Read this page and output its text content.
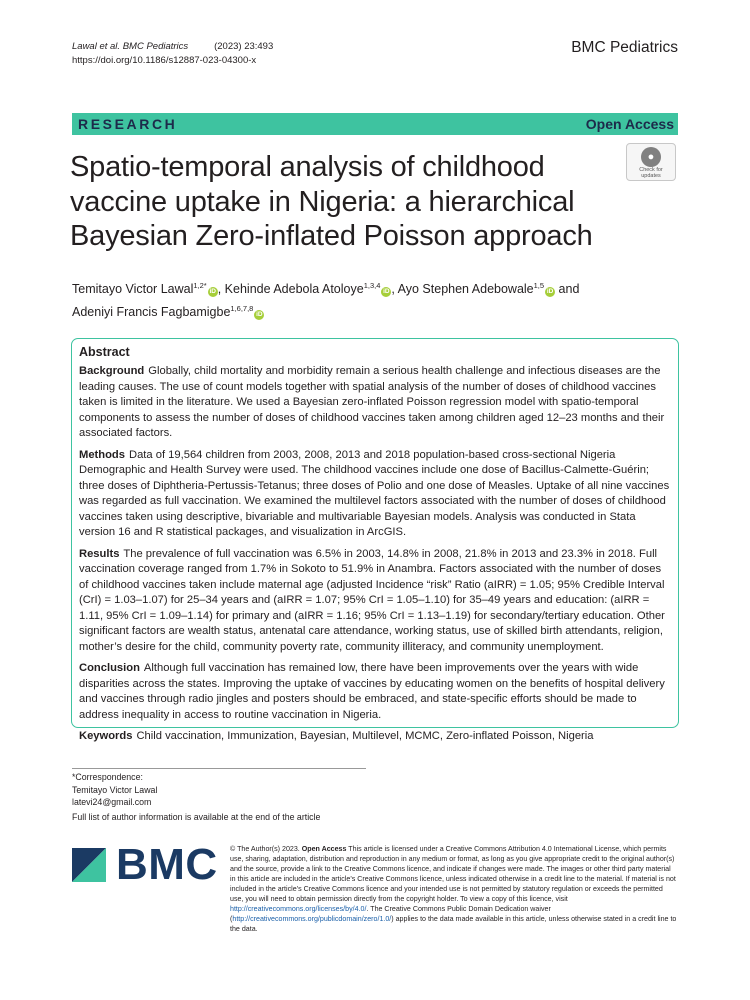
Lawal et al. BMC Pediatrics	(2023) 23:493
https://doi.org/10.1186/s12887-023-04300-x
BMC Pediatrics
RESEARCH	Open Access
Spatio-temporal analysis of childhood vaccine uptake in Nigeria: a hierarchical Bayesian Zero-inflated Poisson approach
●
Check for
updates
Temitayo Victor Lawal$^{1,2*}$iD , Kehinde Adebola Atoloye$^{1,3,4}$iD , Ayo Stephen Adebowale$^{1,5}$iD and
Adeniyi Francis Fagbamigbe$^{1,6,7,8}$iD
Abstract

Background Globally, child mortality and morbidity remain a serious health challenge and infectious diseases are the leading causes. The use of count models together with spatial analysis of the number of doses of childhood vaccines taken is limited in the literature. We used a Bayesian zero-inflated Poisson regression model with spatio-temporal components to assess the number of doses of childhood vaccines taken among children aged 12–23 months and their associated factors.

Methods Data of 19,564 children from 2003, 2008, 2013 and 2018 population-based cross-sectional Nigeria Demographic and Health Survey were used. The childhood vaccines include one dose of Bacillus-Calmette-Guérin; three doses of Diphtheria-Pertussis-Tetanus; three doses of Polio and one dose of Measles. Uptake of all nine vaccines was regarded as full vaccination. We examined the multilevel factors associated with the number of doses of childhood vaccines taken using descriptive, bivariable and multivariable Bayesian models. Analysis was conducted in Stata version 16 and R statistical packages, and visualization in ArcGIS.

Results The prevalence of full vaccination was 6.5% in 2003, 14.8% in 2008, 21.8% in 2013 and 23.3% in 2018. Full vaccination coverage ranged from 1.7% in Sokoto to 51.9% in Anambra. Factors associated with the number of doses of childhood vaccines taken include maternal age (adjusted Incidence “risk” Ratio (aIRR) = 1.05; 95% Credible Interval (CrI) = 1.03–1.07) for 25–34 years and (aIRR = 1.07; 95% CrI = 1.05–1.10) for 35–49 years and education: (aIRR = 1.11, 95% CrI = 1.09–1.14) for primary and (aIRR = 1.16; 95% CrI = 1.13–1.19) for secondary/tertiary education. Other significant factors are wealth status, antenatal care attendance, working status, use of skilled birth attendants, religion, mother’s desire for the child, community poverty rate, community illiteracy, and community unemployment.

Conclusion Although full vaccination has remained low, there have been improvements over the years with wide disparities across the states. Improving the uptake of vaccines by educating women on the benefits of hospital delivery and vaccines through radio jingles and posters should be embraced, and state-specific efforts should be made to address inequality in access to routine vaccination in Nigeria.

Keywords Child vaccination, Immunization, Bayesian, Multilevel, MCMC, Zero-inflated Poisson, Nigeria

*Correspondence:
Temitayo Victor Lawal
latevi24@gmail.com
Full list of author information is available at the end of the article
BMC © The Author(s) 2023. Open Access This article is licensed under a Creative Commons Attribution 4.0 International License, which permits use, sharing, adaptation, distribution and reproduction in any medium or format, as long as you give appropriate credit to the original author(s) and the source, provide a link to the Creative Commons licence, and indicate if changes were made. The images or other third party material in this article are included in the article’s Creative Commons licence, unless indicated otherwise in a credit line to the material. If material is not included in the article’s Creative Commons licence and your intended use is not permitted by statutory regulation or exceeds the permitted use, you will need to obtain permission directly from the copyright holder. To view a copy of this licence, visit http://creativecommons.org/licenses/by/4.0/. The Creative Commons Public Domain Dedication waiver (http://creativecommons.org/publicdomain/zero/1.0/) applies to the data made available in this article, unless otherwise stated in a credit line to the data.
